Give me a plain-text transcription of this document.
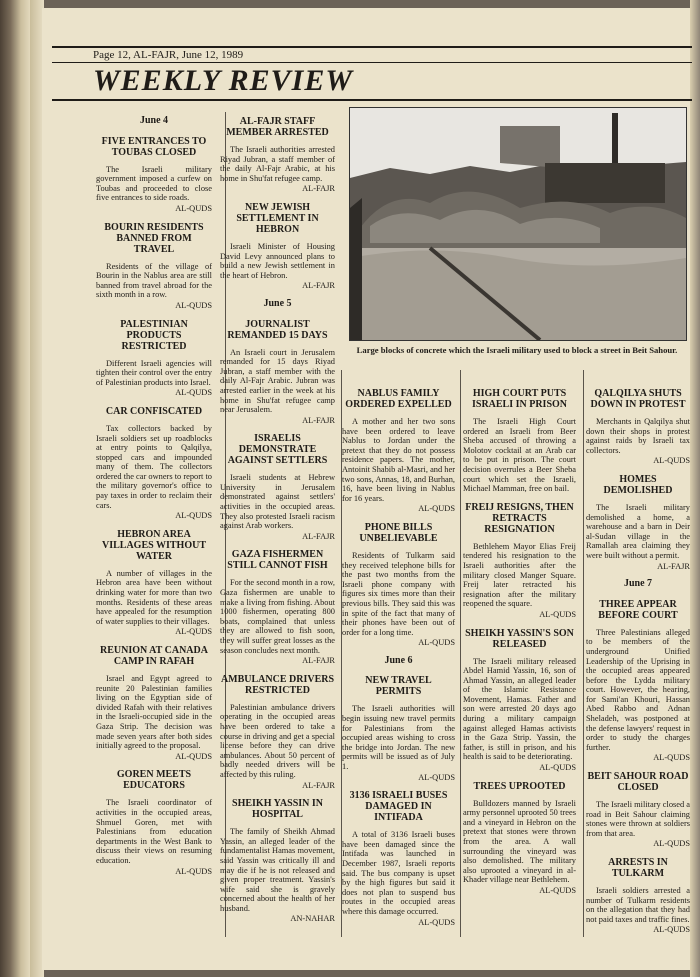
Page 12, AL-FAJR, June 12, 1989
WEEKLY REVIEW
Large blocks of concrete which the Israeli military used to block a street in Beit Sahour.
June 4
FIVE ENTRANCES TO TOUBAS CLOSED
The Israeli military government imposed a curfew on Toubas and proceeded to close five entrances to side roads.
AL-QUDS
BOURIN RESIDENTS BANNED FROM TRAVEL
Residents of the village of Bourin in the Nablus area are still banned from travel abroad for the sixth month in a row.
AL-QUDS
PALESTINIAN PRODUCTS RESTRICTED
Different Israeli agencies will tighten their control over the entry of Palestinian products into Israel.
AL-QUDS
CAR CONFISCATED
Tax collectors backed by Israeli soldiers set up roadblocks at entry points to Qalqilya, stopped cars and impounded many of them. The collectors ordered the car owners to report to the military governor's office to pay taxes in order to reclaim their cars.
AL-QUDS
HEBRON AREA VILLAGES WITHOUT WATER
A number of villages in the Hebron area have been without drinking water for more than two months. Residents of these areas have appealed for the resumption of water supplies to their villages.
AL-QUDS
REUNION AT CANADA CAMP IN RAFAH
Israel and Egypt agreed to reunite 20 Palestinian families living on the Egyptian side of divided Rafah with their relatives in the Israeli-occupied side in the Gaza Strip. The decision was made seven years after both sides initially agreed to the proposal.
AL-QUDS
GOREN MEETS EDUCATORS
The Israeli coordinator of activities in the occupied areas, Shmuel Goren, met with Palestinians from education departments in the West Bank to discuss their views on resuming education.
AL-QUDS
AL-FAJR STAFF MEMBER ARRESTED
The Israeli authorities arrested Riyad Jubran, a staff member of the daily Al-Fajr Arabic, at his home in Shu'fat refugee camp.
AL-FAJR
NEW JEWISH SETTLEMENT IN HEBRON
Israeli Minister of Housing David Levy announced plans to build a new Jewish settlement in the heart of Hebron.
AL-FAJR
June 5
JOURNALIST REMANDED 15 DAYS
An Israeli court in Jerusalem remanded for 15 days Riyad Jubran, a staff member with the daily Al-Fajr Arabic. Jubran was arrested earlier in the week at his home in Shu'fat refugee camp near Jerusalem.
AL-FAJR
ISRAELIS DEMONSTRATE AGAINST SETTLERS
Israeli students at Hebrew University in Jerusalem demonstrated against settlers' activities in the occupied areas. They also protested Israeli racism against Arab workers.
AL-FAJR
GAZA FISHERMEN STILL CANNOT FISH
For the second month in a row, Gaza fishermen are unable to make a living from fishing. About 1000 fishermen, operating 800 boats, complained that unless they are allowed to fish soon, they will suffer great losses as the season concludes next month.
AL-FAJR
AMBULANCE DRIVERS RESTRICTED
Palestinian ambulance drivers operating in the occupied areas have been ordered to take a course in driving and get a special license before they can drive ambulances. About 50 percent of badly needed drivers will be affected by this ruling.
AL-FAJR
SHEIKH YASSIN IN HOSPITAL
The family of Sheikh Ahmad Yassin, an alleged leader of the fundamentalist Hamas movement, said Yassin was critically ill and may die if he is not released and given proper treatment. Yassin's wife said she is gravely concerned about the health of her husband.
AN-NAHAR
NABLUS FAMILY ORDERED EXPELLED
A mother and her two sons have been ordered to leave Nablus to Jordan under the pretext that they do not possess residence papers. The mother, Antoinit Shabib al-Masri, and her two sons, Annas, 18, and Burhan, 16, have been living in Nablus for 16 years.
AL-QUDS
PHONE BILLS UNBELIEVABLE
Residents of Tulkarm said they received telephone bills for the past two months from the Israeli phone company with figures six times more than their previous bills. They said this was in spite of the fact that many of their phones have been out of order for a long time.
AL-QUDS
June 6
NEW TRAVEL PERMITS
The Israeli authorities will begin issuing new travel permits for Palestinians from the occupied areas wishing to cross the bridge into Jordan. The new permits will be issued as of July 1.
AL-QUDS
3136 ISRAELI BUSES DAMAGED IN INTIFADA
A total of 3136 Israeli buses have been damaged since the Intifada was launched in December 1987, Israeli reports said. The bus company is upset by the high figures but said it does not plan to suspend bus routes in the occupied areas where this damage occurred.
AL-QUDS
HIGH COURT PUTS ISRAELI IN PRISON
The Israeli High Court ordered an Israeli from Beer Sheba accused of throwing a Molotov cocktail at an Arab car to be put in prison. The court decision overrules a Beer Sheba court which set the Israeli, Michael Mamman, free on bail.
FREIJ RESIGNS, THEN RETRACTS RESIGNATION
Bethlehem Mayor Elias Freij tendered his resignation to the Israeli authorities after the military closed Manger Square. Freij later retracted his resignation after the military reopened the square.
AL-QUDS
SHEIKH YASSIN'S SON RELEASED
The Israeli military released Abdel Hamid Yassin, 16, son of Ahmad Yassin, an alleged leader of the Islamic Resistance Movement, Hamas. Father and son were arrested 20 days ago during a military campaign against alleged Hamas activists in the Gaza Strip. Yassin, the father, is still in prison, and his health is said to be deteriorating.
AL-QUDS
TREES UPROOTED
Bulldozers manned by Israeli army personnel uprooted 50 trees and a vineyard in Hebron on the pretext that stones were thrown from the area. A wall surrounding the vineyard was also demolished. The military also uprooted a vineyard in al-Khader village near Bethlehem.
AL-QUDS
QALQILYA SHUTS DOWN IN PROTEST
Merchants in Qalqilya shut down their shops in protest against raids by Israeli tax collectors.
AL-QUDS
HOMES DEMOLISHED
The Israeli military demolished a home, a warehouse and a barn in Deir al-Sudan village in the Ramallah area claiming they were built without a permit.
AL-FAJR
June 7
THREE APPEAR BEFORE COURT
Three Palestinians alleged to be members of the underground Unified Leadership of the Uprising in the occupied areas appeared before the Lydda military court. However, the hearing, for Sami'an Khouri, Hassan Abed Rabbo and Adnan Sheladeh, was postponed at the defense lawyers' request in order to study the charges further.
AL-QUDS
BEIT SAHOUR ROAD CLOSED
The Israeli military closed a road in Beit Sahour claiming stones were thrown at soldiers from that area.
AL-QUDS
ARRESTS IN TULKARM
Israeli soldiers arrested a number of Tulkarm residents on the allegation that they had not paid taxes and traffic fines.
AL-QUDS
